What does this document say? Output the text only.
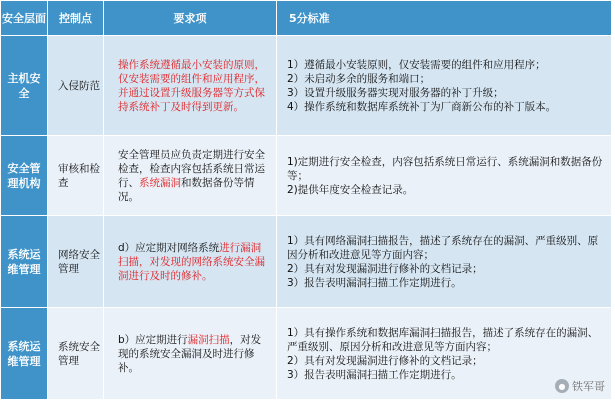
安全层面	控制点	要求项	5分标准
主机安全	入侵防范	操作系统遵循最小安装的原则，仅安装需要的组件和应用程序，并通过设置升级服务器等方式保持系统补丁及时得到更新。	1）遵循最小安装原则，仅安装需要的组件和应用程序；
2）未启动多余的服务和端口；
3）设置升级服务器实现对服务器的补丁升级；
4）操作系统和数据库系统补丁为厂商新公布的补丁版本。

安全管理机构	审核和检查	安全管理员应负责定期进行安全检查，检查内容包括系统日常运行、系统漏洞和数据备份等情况。	1)定期进行安全检查，内容包括系统日常运行、系统漏洞和数据备份等；
2)提供年度安全检查记录。

系统运维管理	网络安全管理	d）应定期对网络系统进行漏洞扫描，对发现的网络系统安全漏洞进行及时的修补。	1）具有网络漏洞扫描报告，描述了系统存在的漏洞、严重级别、原因分析和改进意见等方面内容；
2）具有对发现漏洞进行修补的文档记录；
3）报告表明漏洞扫描工作定期进行。

系统运维管理	系统安全管理	b）应定期进行漏洞扫描，对发现的系统安全漏洞及时进行修补。	1）具有操作系统和数据库漏洞扫描报告，描述了系统存在的漏洞、严重级别、原因分析和改进意见等方面内容；
2）具有对发现漏洞进行修补的文档记录；
3）报告表明漏洞扫描工作定期进行。
● 铁军哥
